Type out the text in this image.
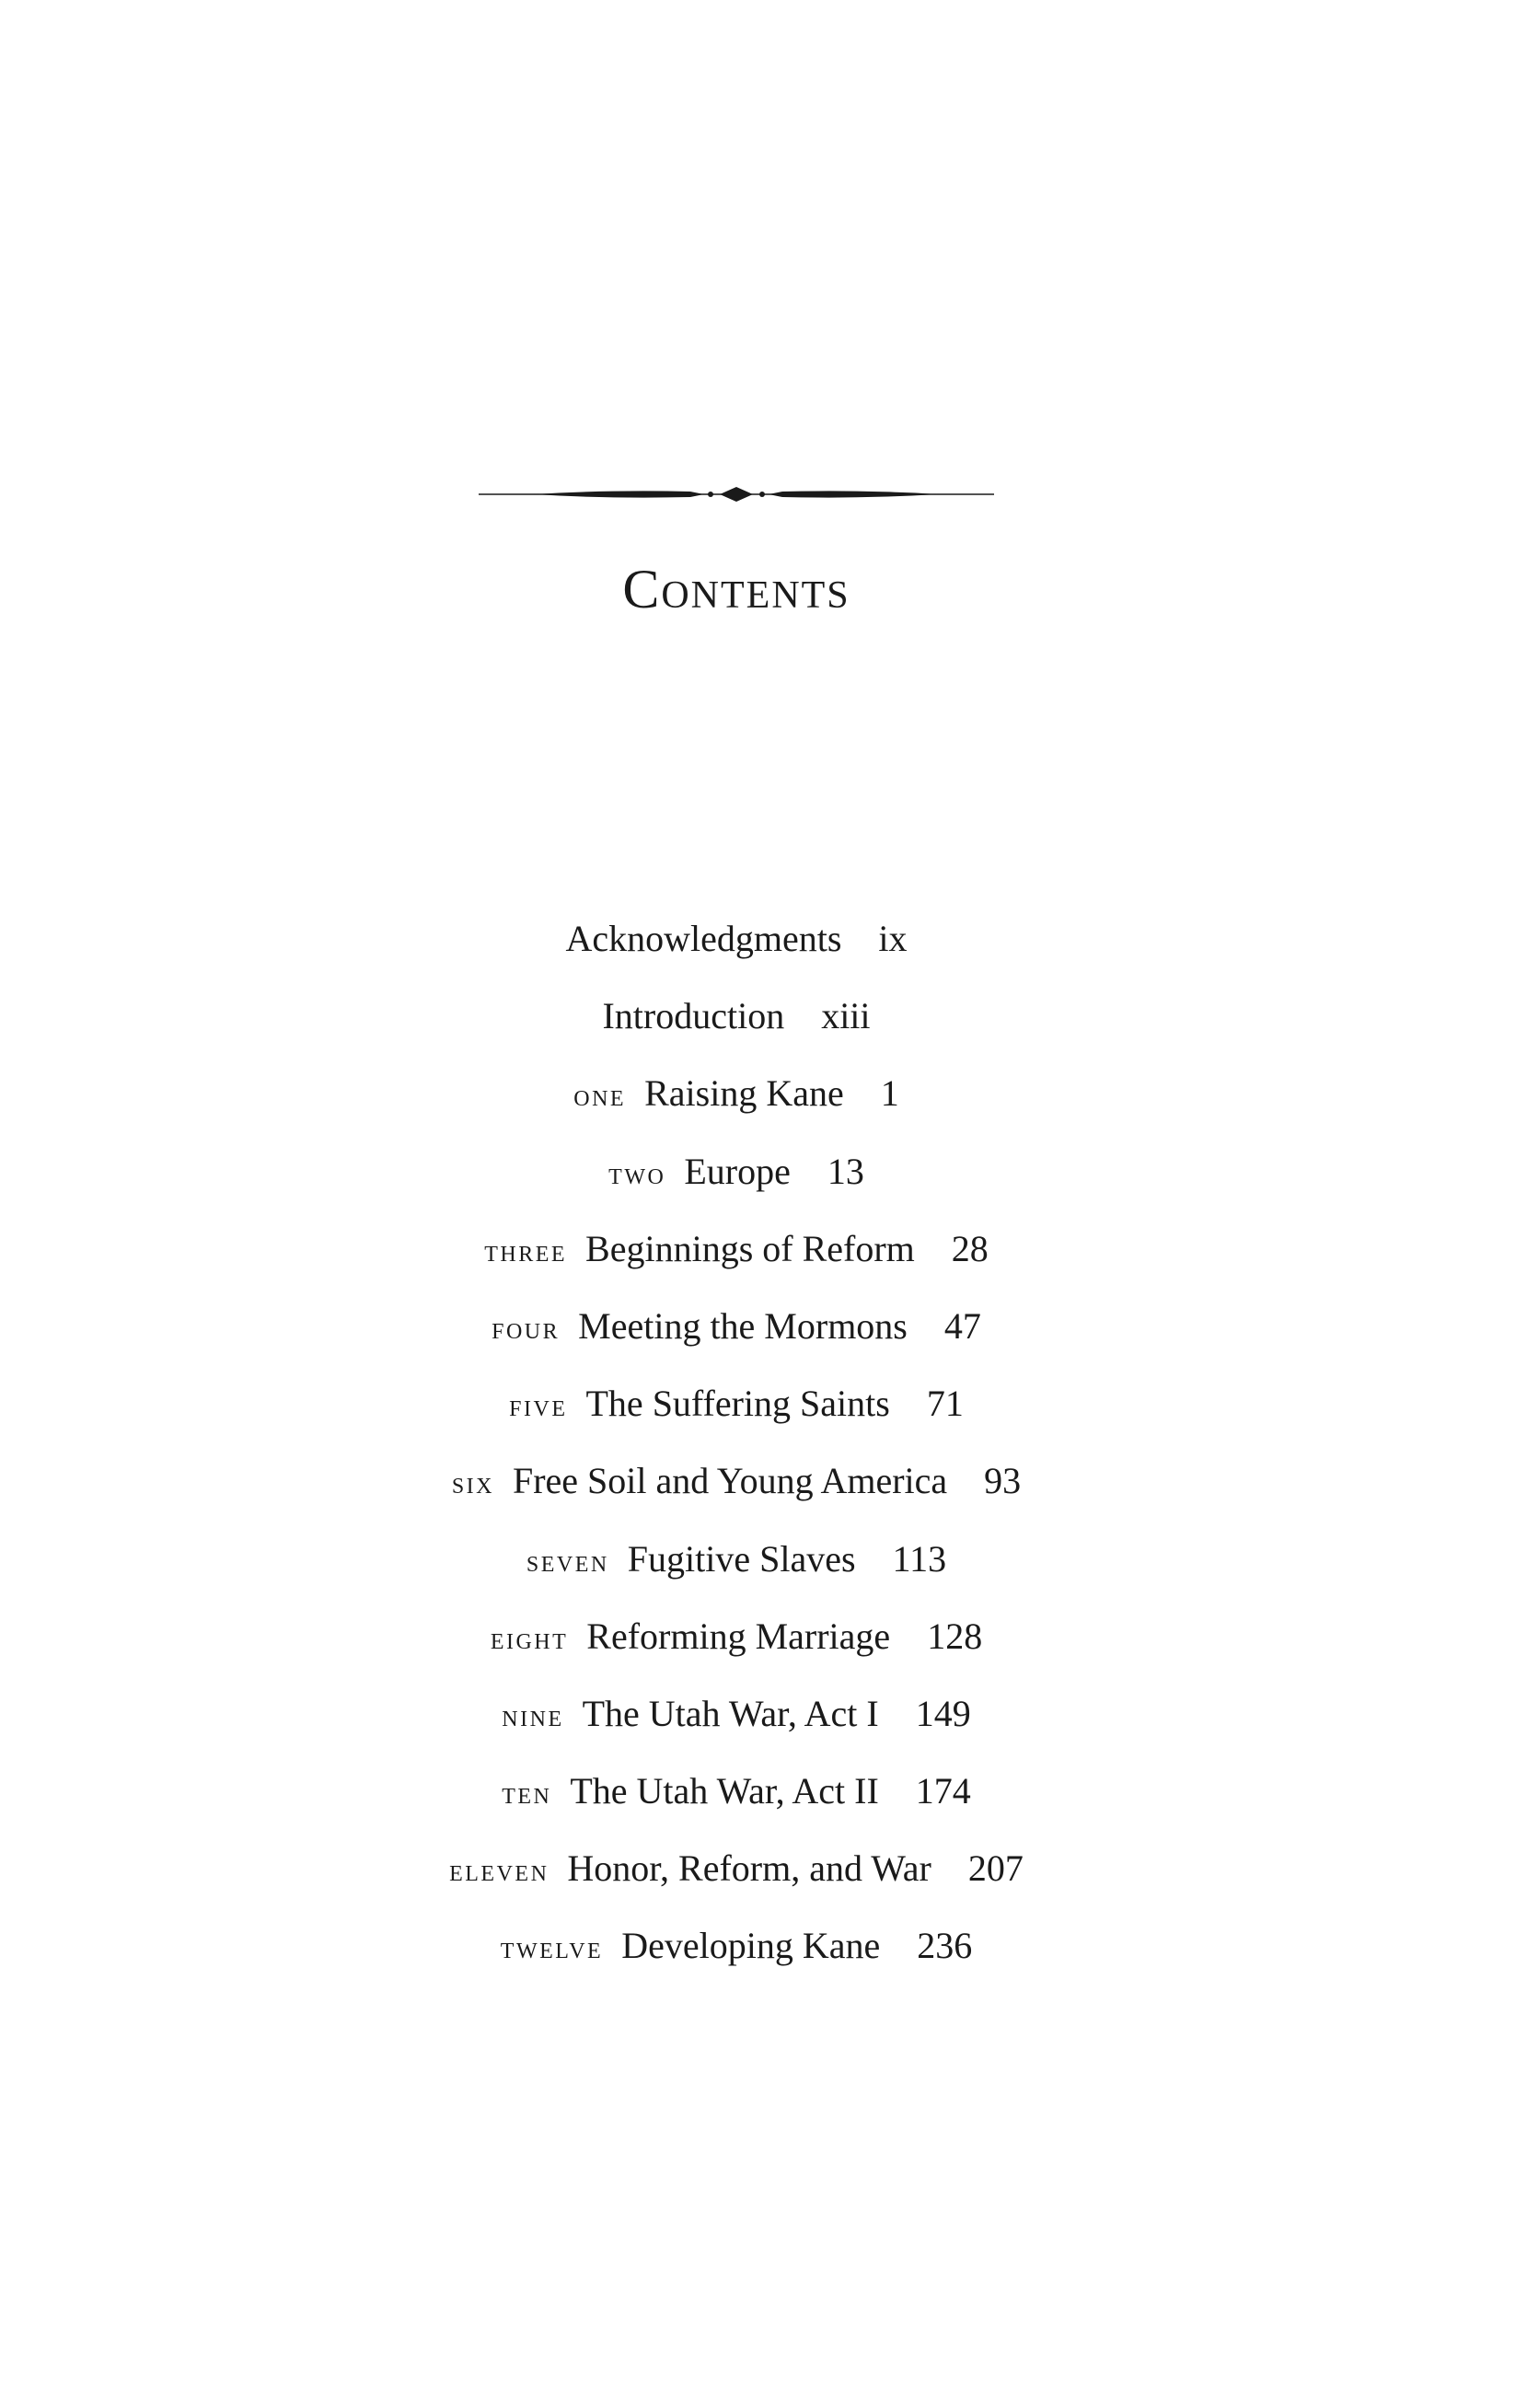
Contents
Acknowledgments ix
Introduction xiii
one Raising Kane 1
two Europe 13
three Beginnings of Reform 28
four Meeting the Mormons 47
five The Suffering Saints 71
six Free Soil and Young America 93
seven Fugitive Slaves 113
eight Reforming Marriage 128
nine The Utah War, Act I 149
ten The Utah War, Act II 174
eleven Honor, Reform, and War 207
twelve Developing Kane 236
